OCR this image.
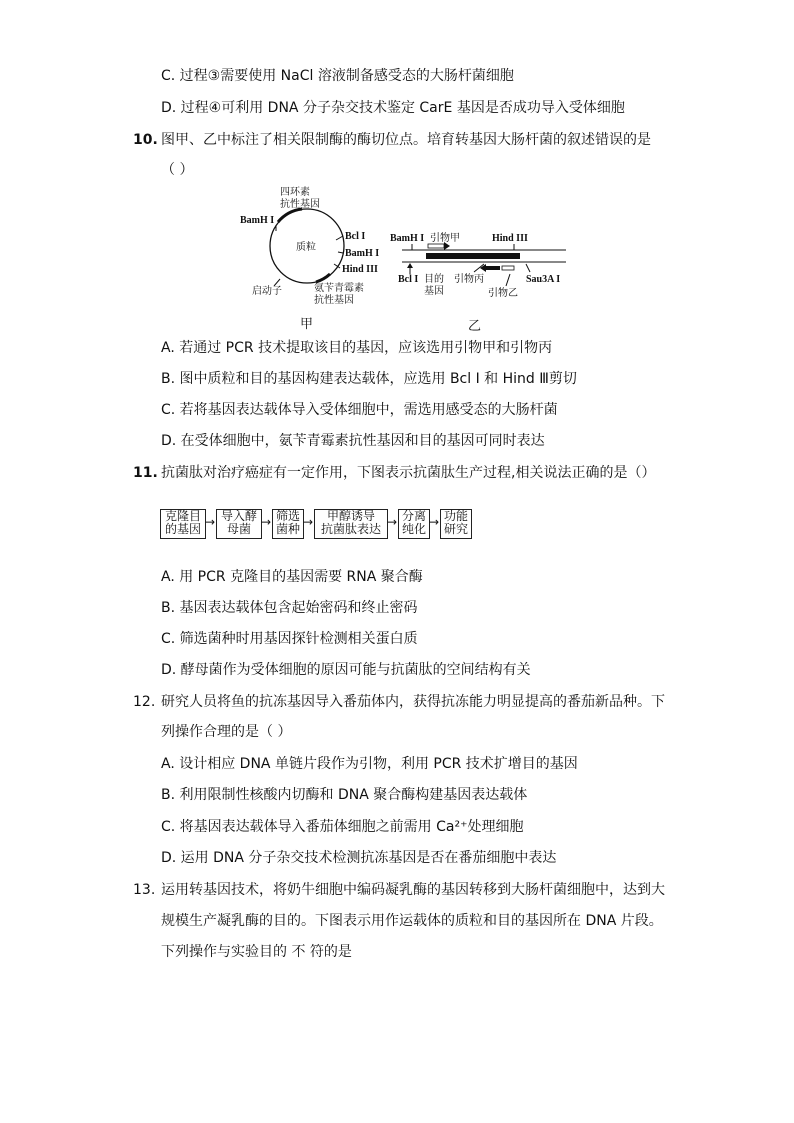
C. 过程③需要使用 NaCl 溶液制备感受态的大肠杆菌细胞
D. 过程④可利用 DNA 分子杂交技术鉴定 CarE 基因是否成功导入受体细胞
10. 图甲、乙中标注了相关限制酶的酶切位点。培育转基因大肠杆菌的叙述错误的是
（ ）
质粒
四环素
抗性基因
BamH I
Bcl I
BamH I
Hind III
氨苄青霉素
抗性基因
启动子
甲
BamH I 引物甲	Hind III
Bcl I 目的
基因
引物丙
引物乙
Sau3A I
乙
A. 若通过 PCR 技术提取该目的基因，应该选用引物甲和引物丙
B. 图中质粒和目的基因构建表达载体，应选用 Bcl I 和 Hind Ⅲ剪切
C. 若将基因表达载体导入受体细胞中，需选用感受态的大肠杆菌
D. 在受体细胞中，氨苄青霉素抗性基因和目的基因可同时表达
11. 抗菌肽对治疗癌症有一定作用，下图表示抗菌肽生产过程,相关说法正确的是（）
克隆目
的基因 → 导入酵
母菌 → 筛选
菌种 →	甲醇诱导
抗菌肽表达 → 分离
纯化 → 功能
研究
A. 用 PCR 克隆目的基因需要 RNA 聚合酶
B. 基因表达载体包含起始密码和终止密码
C. 筛选菌种时用基因探针检测相关蛋白质
D. 酵母菌作为受体细胞的原因可能与抗菌肽的空间结构有关
12. 研究人员将鱼的抗冻基因导入番茄体内，获得抗冻能力明显提高的番茄新品种。下
列操作合理的是（ ）
A. 设计相应 DNA 单链片段作为引物，利用 PCR 技术扩增目的基因
B. 利用限制性核酸内切酶和 DNA 聚合酶构建基因表达载体
C. 将基因表达载体导入番茄体细胞之前需用 Ca²⁺处理细胞
D. 运用 DNA 分子杂交技术检测抗冻基因是否在番茄细胞中表达
13. 运用转基因技术，将奶牛细胞中编码凝乳酶的基因转移到大肠杆菌细胞中，达到大
规模生产凝乳酶的目的。下图表示用作运载体的质粒和目的基因所在 DNA 片段。
下列操作与实验目的 不 符的是
